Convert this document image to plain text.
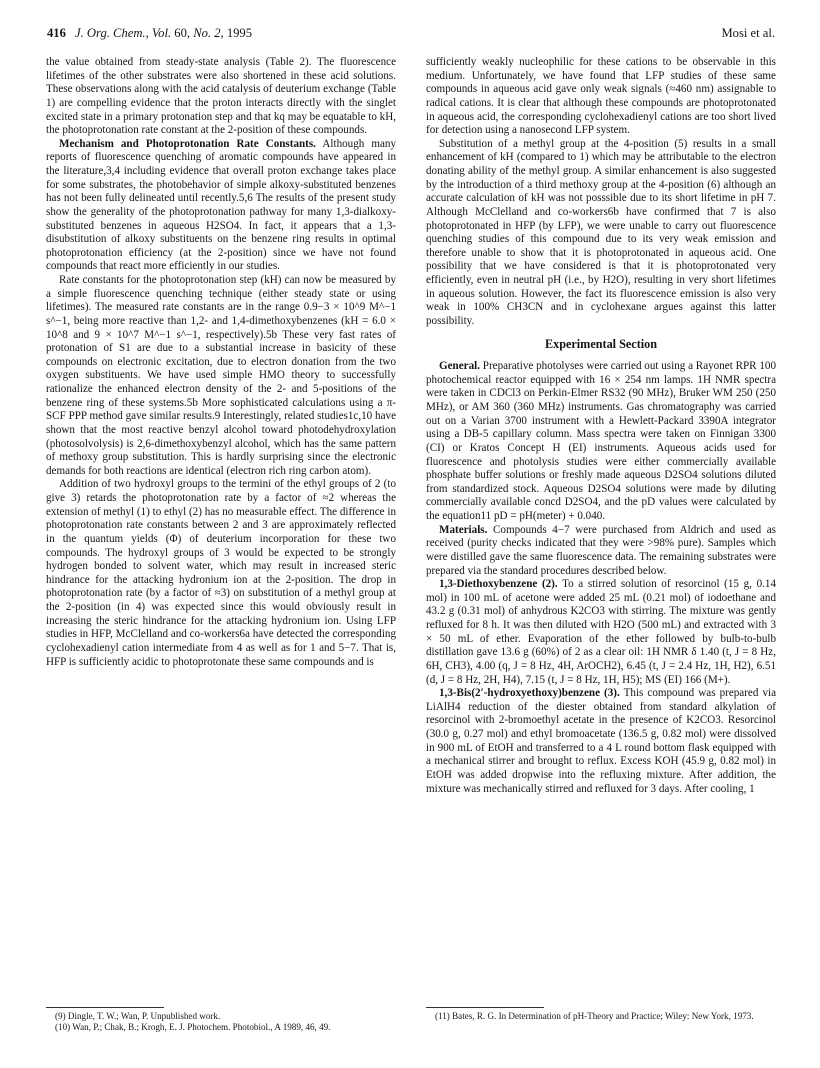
416 J. Org. Chem., Vol. 60, No. 2, 1995	Mosi et al.

the value obtained from steady-state analysis (Table 2). The fluorescence lifetimes of the other substrates were also shortened in these acid solutions. These observations along with the acid catalysis of deuterium exchange (Table 1) are compelling evidence that the proton interacts directly with the singlet excited state in a primary protonation step and that kq may be equatable to kH, the photoprotonation rate constant at the 2-position of these compounds.

Mechanism and Photoprotonation Rate Constants. Although many reports of fluorescence quenching of aromatic compounds have appeared in the literature,3,4 including evidence that overall proton exchange takes place for some substrates, the photobehavior of simple alkoxy-substituted benzenes has not been fully delineated until recently.5,6 The results of the present study show the generality of the photoprotonation pathway for many 1,3-dialkoxy-substituted benzenes in aqueous H2SO4. In fact, it appears that a 1,3-disubstitution of alkoxy substituents on the benzene ring results in optimal photoprotonation efficiency (at the 2-position) since we have not found compounds that react more efficiently in our studies.

Rate constants for the photoprotonation step (kH) can now be measured by a simple fluorescence quenching technique (either steady state or using lifetimes). The measured rate constants are in the range 0.9−3 × 10^9 M^−1 s^−1, being more reactive than 1,2- and 1,4-dimethoxybenzenes (kH = 6.0 × 10^8 and 9 × 10^7 M^−1 s^−1, respectively).5b These very fast rates of protonation of S1 are due to a substantial increase in basicity of these compounds on electronic excitation, due to electron donation from the two oxygen substituents. We have used simple HMO theory to successfully rationalize the enhanced electron density of the 2- and 5-positions of the benzene ring of these systems.5b More sophisticated calculations using a π-SCF PPP method gave similar results.9 Interestingly, related studies1c,10 have shown that the most reactive benzyl alcohol toward photodehydroxylation (photosolvolysis) is 2,6-dimethoxybenzyl alcohol, which has the same pattern of methoxy group substitution. This is hardly surprising since the electronic demands for both reactions are identical (electron rich ring carbon atom).

Addition of two hydroxyl groups to the termini of the ethyl groups of 2 (to give 3) retards the photoprotonation rate by a factor of ≈2 whereas the extension of methyl (1) to ethyl (2) has no measurable effect. The difference in photoprotonation rate constants between 2 and 3 are approximately reflected in the quantum yields (Φ) of deuterium incorporation for these two compounds. The hydroxyl groups of 3 would be expected to be strongly hydrogen bonded to solvent water, which may result in increased steric hindrance for the attacking hydronium ion at the 2-position. The drop in photoprotonation rate (by a factor of ≈3) on substitution of a methyl group at the 2-position (in 4) was expected since this would obviously result in increasing the steric hindrance for the attacking hydronium ion. Using LFP studies in HFP, McClelland and co-workers6a have detected the corresponding cyclohexadienyl cation intermediate from 4 as well as for 1 and 5−7. That is, HFP is sufficiently acidic to photoprotonate these same compounds and is

sufficiently weakly nucleophilic for these cations to be observable in this medium. Unfortunately, we have found that LFP studies of these same compounds in aqueous acid gave only weak signals (≈460 nm) assignable to radical cations. It is clear that although these compounds are photoprotonated in aqueous acid, the corresponding cyclohexadienyl cations are too short lived for detection using a nanosecond LFP system.

Substitution of a methyl group at the 4-position (5) results in a small enhancement of kH (compared to 1) which may be attributable to the electron donating ability of the methyl group. A similar enhancement is also suggested by the introduction of a third methoxy group at the 4-position (6) although an accurate calculation of kH was not posssible due to its short lifetime in pH 7. Although McClelland and co-workers6b have confirmed that 7 is also photoprotonated in HFP (by LFP), we were unable to carry out fluorescence quenching studies of this compound due to its very weak emission and therefore unable to show that it is photoprotonated in aqueous acid. One possibility that we have considered is that it is photoprotonated very efficiently, even in neutral pH (i.e., by H2O), resulting in very short lifetimes in aqueous solution. However, the fact its fluorescence emission is also very weak in 100% CH3CN and in cyclohexane argues against this latter possibility.

Experimental Section

General. Preparative photolyses were carried out using a Rayonet RPR 100 photochemical reactor equipped with 16 × 254 nm lamps. 1H NMR spectra were taken in CDCl3 on Perkin-Elmer RS32 (90 MHz), Bruker WM 250 (250 MHz), or AM 360 (360 MHz) instruments. Gas chromatography was carried out on a Varian 3700 instrument with a Hewlett-Packard 3390A integrator using a DB-5 capillary column. Mass spectra were taken on Finnigan 3300 (CI) or Kratos Concept H (EI) instruments. Aqueous acids used for fluorescence and photolysis studies were either commercially available phosphate buffer solutions or freshly made aqueous D2SO4 solutions diluted from standardized stock. Aqueous D2SO4 solutions were made by diluting commercially available concd D2SO4, and the pD values were calculated by the equation11 pD = pH(meter) + 0.040.

Materials. Compounds 4−7 were purchased from Aldrich and used as received (purity checks indicated that they were >98% pure). Samples which were distilled gave the same fluorescence data. The remaining substrates were prepared via the standard procedures described below.

1,3-Diethoxybenzene (2). To a stirred solution of resorcinol (15 g, 0.14 mol) in 100 mL of acetone were added 25 mL (0.21 mol) of iodoethane and 43.2 g (0.31 mol) of anhydrous K2CO3 with stirring. The mixture was gently refluxed for 8 h. It was then diluted with H2O (500 mL) and extracted with 3 × 50 mL of ether. Evaporation of the ether followed by bulb-to-bulb distillation gave 13.6 g (60%) of 2 as a clear oil: 1H NMR δ 1.40 (t, J = 8 Hz, 6H, CH3), 4.00 (q, J = 8 Hz, 4H, ArOCH2), 6.45 (t, J = 2.4 Hz, 1H, H2), 6.51 (d, J = 8 Hz, 2H, H4), 7.15 (t, J = 8 Hz, 1H, H5); MS (EI) 166 (M+).

1,3-Bis(2′-hydroxyethoxy)benzene (3). This compound was prepared via LiAlH4 reduction of the diester obtained from standard alkylation of resorcinol with 2-bromoethyl acetate in the presence of K2CO3. Resorcinol (30.0 g, 0.27 mol) and ethyl bromoacetate (136.5 g, 0.82 mol) were dissolved in 900 mL of EtOH and transferred to a 4 L round bottom flask equipped with a mechanical stirrer and brought to reflux. Excess KOH (45.9 g, 0.82 mol) in EtOH was added dropwise into the refluxing mixture. After addition, the mixture was mechanically stirred and refluxed for 3 days. After cooling, 1

(9) Dingle, T. W.; Wan, P. Unpublished work.

(10) Wan, P.; Chak, B.; Krogh, E. J. Photochem. Photobiol., A 1989, 46, 49.

(11) Bates, R. G. In Determination of pH-Theory and Practice; Wiley: New York, 1973.
